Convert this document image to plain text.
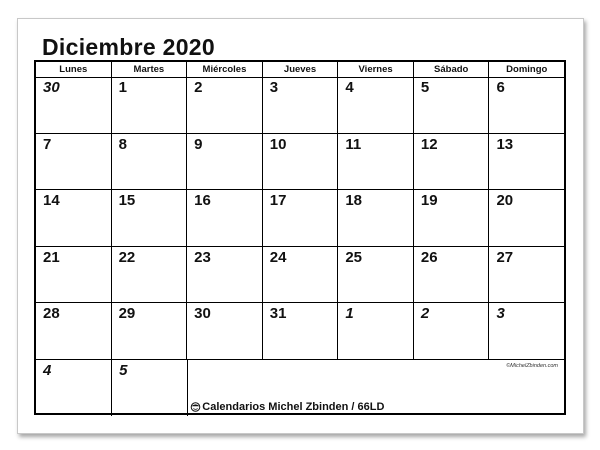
Diciembre 2020
Lunes	Martes	Miércoles	Jueves	Viernes	Sábado	Domingo
30	1	2	3	4	5	6
7	8	9	10	11	12	13
14	15	16	17	18	19	20
21	22	23	24	25	26	27
28	29	30	31	1	2	3
4	5	©MichelZbinden.com
Calendarios Michel Zbinden / 66LD
